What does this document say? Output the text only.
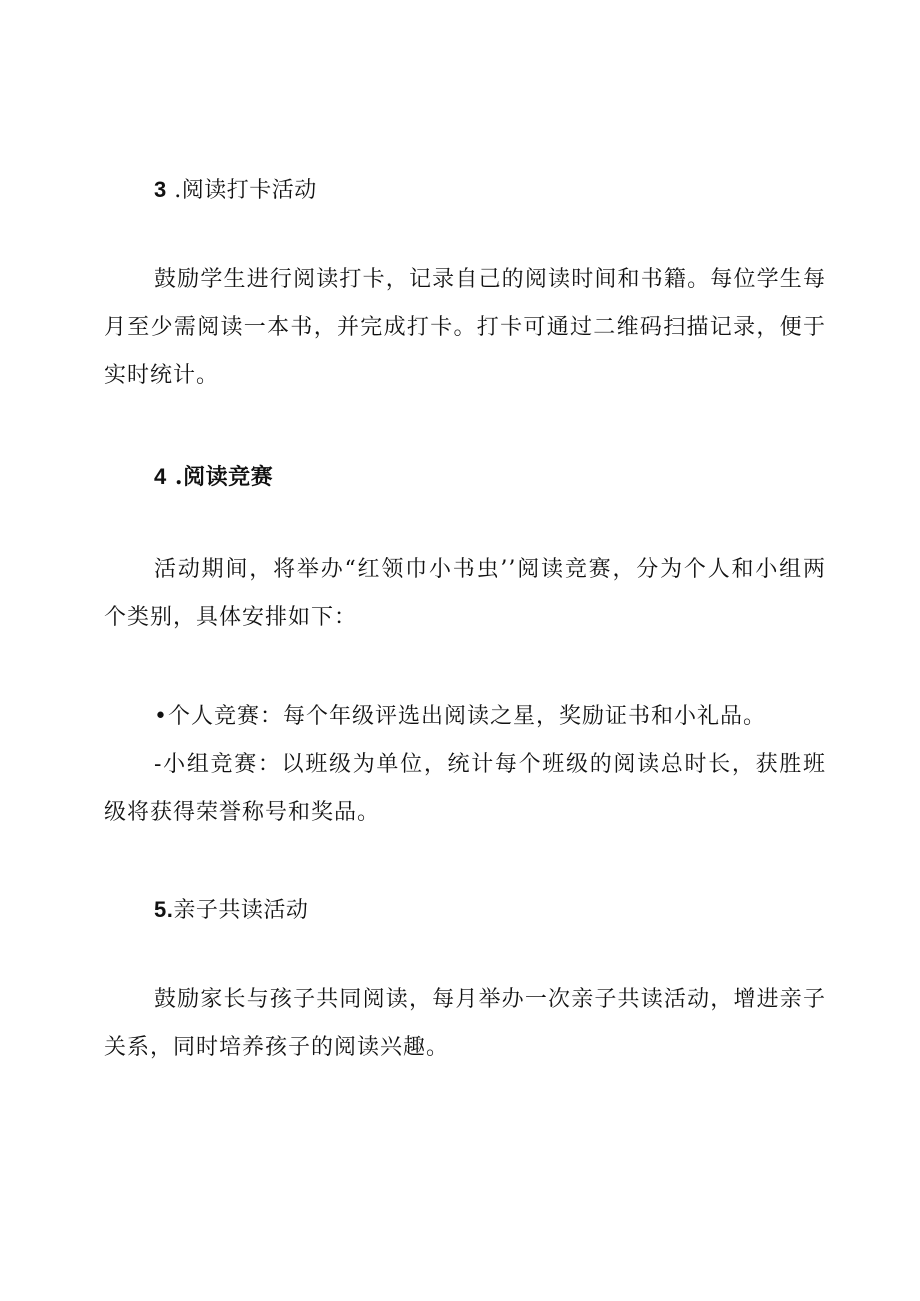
3 .阅读打卡活动

鼓励学生进行阅读打卡，记录自己的阅读时间和书籍。每位学生每月至少需阅读一本书，并完成打卡。打卡可通过二维码扫描记录，便于实时统计。

4 .阅读竞赛

活动期间，将举办“红领巾小书虫’’阅读竞赛，分为个人和小组两个类别，具体安排如下：

•个人竞赛：每个年级评选出阅读之星，奖励证书和小礼品。

-小组竞赛：以班级为单位，统计每个班级的阅读总时长，获胜班级将获得荣誉称号和奖品。

5.亲子共读活动

鼓励家长与孩子共同阅读，每月举办一次亲子共读活动，增进亲子关系，同时培养孩子的阅读兴趣。
